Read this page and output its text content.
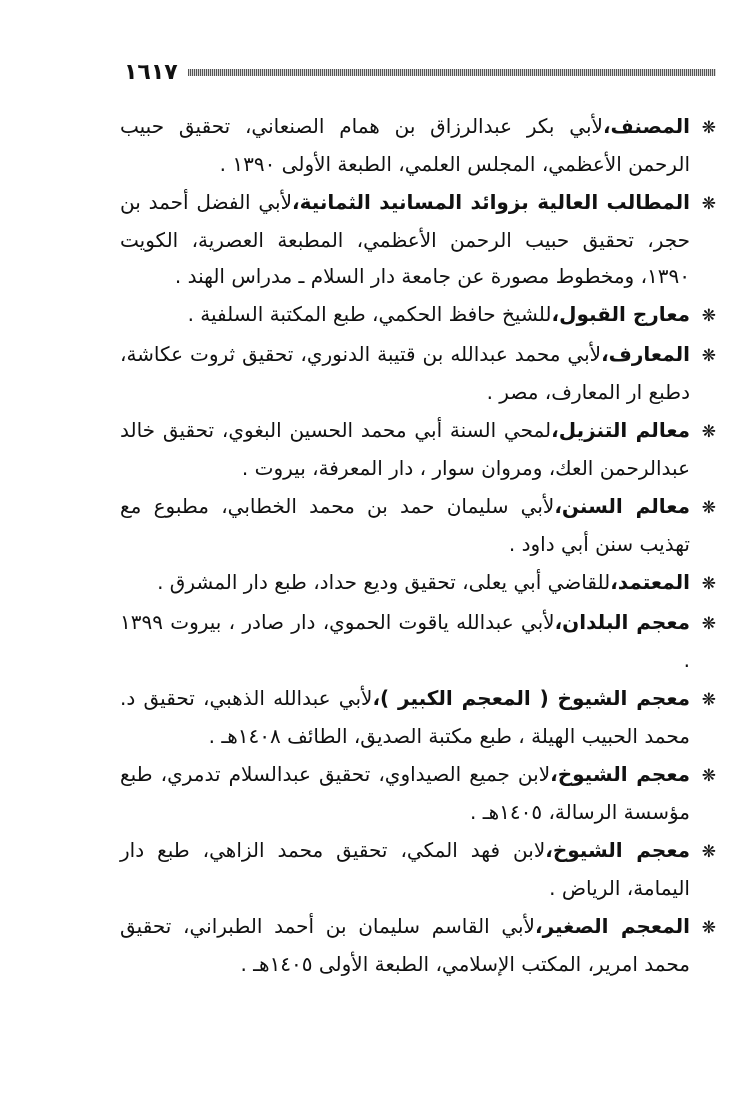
١٦١٧

❋المصنف،لأبي بكر عبدالرزاق بن همام الصنعاني، تحقيق حبيب الرحمن الأعظمي، المجلس العلمي، الطبعة الأولى ١٣٩٠ .

❋المطالب العالية بزوائد المسانيد الثمانية،لأبي الفضل أحمد بن حجر، تحقيق حبيب الرحمن الأعظمي، المطبعة العصرية، الكويت ١٣٩٠، ومخطوط مصورة عن جامعة دار السلام ـ مدراس الهند .

❋معارج القبول،للشيخ حافظ الحكمي، طبع المكتبة السلفية .

❋المعارف،لأبي محمد عبدالله بن قتيبة الدنوري، تحقيق ثروت عكاشة، دطبع ار المعارف، مصر .

❋معالم التنزيل،لمحي السنة أبي محمد الحسين البغوي، تحقيق خالد عبدالرحمن العك، ومروان سوار ، دار المعرفة، بيروت .

❋معالم السنن،لأبي سليمان حمد بن محمد الخطابي، مطبوع مع تهذيب سنن أبي داود .

❋المعتمد،للقاضي أبي يعلى، تحقيق وديع حداد، طبع دار المشرق .

❋معجم البلدان،لأبي عبدالله ياقوت الحموي، دار صادر ، بيروت ١٣٩٩ .

❋معجم الشيوخ ( المعجم الكبير )،لأبي عبدالله الذهبي، تحقيق د. محمد الحبيب الهيلة ، طبع مكتبة الصديق، الطائف ١٤٠٨هـ .

❋معجم الشيوخ،لابن جميع الصيداوي، تحقيق عبدالسلام تدمري، طبع مؤسسة الرسالة، ١٤٠٥هـ .

❋معجم الشيوخ،لابن فهد المكي، تحقيق محمد الزاهي، طبع دار اليمامة، الرياض .

❋المعجم الصغير،لأبي القاسم سليمان بن أحمد الطبراني، تحقيق محمد امرير، المكتب الإسلامي، الطبعة الأولى ١٤٠٥هـ .
